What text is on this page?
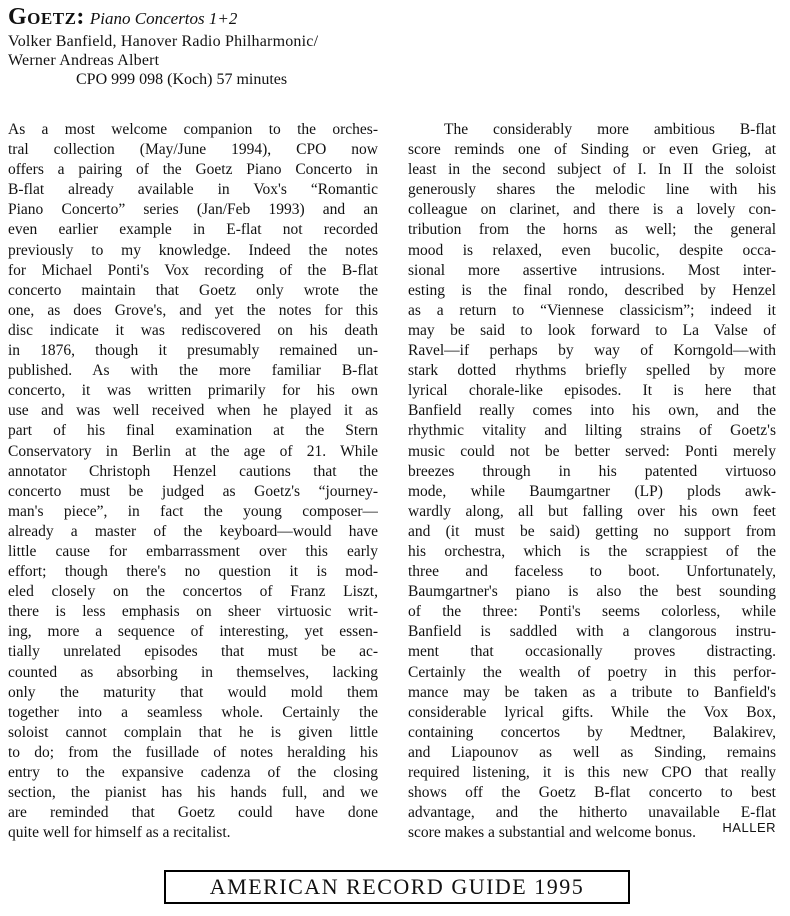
Goetz: Piano Concertos 1+2
Volker Banfield, Hanover Radio Philharmonic/
Werner Andreas Albert
CPO 999 098 (Koch) 57 minutes
As a most welcome companion to the orches-
tral collection (May/June 1994), CPO now
offers a pairing of the Goetz Piano Concerto in
B-flat already available in Vox's “Romantic
Piano Concerto” series (Jan/Feb 1993) and an
even earlier example in E-flat not recorded
previously to my knowledge. Indeed the notes
for Michael Ponti's Vox recording of the B-flat
concerto maintain that Goetz only wrote the
one, as does Grove's, and yet the notes for this
disc indicate it was rediscovered on his death
in 1876, though it presumably remained un-
published. As with the more familiar B-flat
concerto, it was written primarily for his own
use and was well received when he played it as
part of his final examination at the Stern
Conservatory in Berlin at the age of 21. While
annotator Christoph Henzel cautions that the
concerto must be judged as Goetz's “journey-
man's piece”, in fact the young composer—
already a master of the keyboard—would have
little cause for embarrassment over this early
effort; though there's no question it is mod-
eled closely on the concertos of Franz Liszt,
there is less emphasis on sheer virtuosic writ-
ing, more a sequence of interesting, yet essen-
tially unrelated episodes that must be ac-
counted as absorbing in themselves, lacking
only the maturity that would mold them
together into a seamless whole. Certainly the
soloist cannot complain that he is given little
to do; from the fusillade of notes heralding his
entry to the expansive cadenza of the closing
section, the pianist has his hands full, and we
are reminded that Goetz could have done
quite well for himself as a recitalist.
The considerably more ambitious B-flat
score reminds one of Sinding or even Grieg, at
least in the second subject of I. In II the soloist
generously shares the melodic line with his
colleague on clarinet, and there is a lovely con-
tribution from the horns as well; the general
mood is relaxed, even bucolic, despite occa-
sional more assertive intrusions. Most inter-
esting is the final rondo, described by Henzel
as a return to “Viennese classicism”; indeed it
may be said to look forward to La Valse of
Ravel—if perhaps by way of Korngold—with
stark dotted rhythms briefly spelled by more
lyrical chorale-like episodes. It is here that
Banfield really comes into his own, and the
rhythmic vitality and lilting strains of Goetz's
music could not be better served: Ponti merely
breezes through in his patented virtuoso
mode, while Baumgartner (LP) plods awk-
wardly along, all but falling over his own feet
and (it must be said) getting no support from
his orchestra, which is the scrappiest of the
three and faceless to boot. Unfortunately,
Baumgartner's piano is also the best sounding
of the three: Ponti's seems colorless, while
Banfield is saddled with a clangorous instru-
ment that occasionally proves distracting.
Certainly the wealth of poetry in this perfor-
mance may be taken as a tribute to Banfield's
considerable lyrical gifts. While the Vox Box,
containing concertos by Medtner, Balakirev,
and Liapounov as well as Sinding, remains
required listening, it is this new CPO that really
shows off the Goetz B-flat concerto to best
advantage, and the hitherto unavailable E-flat
score makes a substantial and welcome bonus.	HALLER
AMERICAN RECORD GUIDE 1995
